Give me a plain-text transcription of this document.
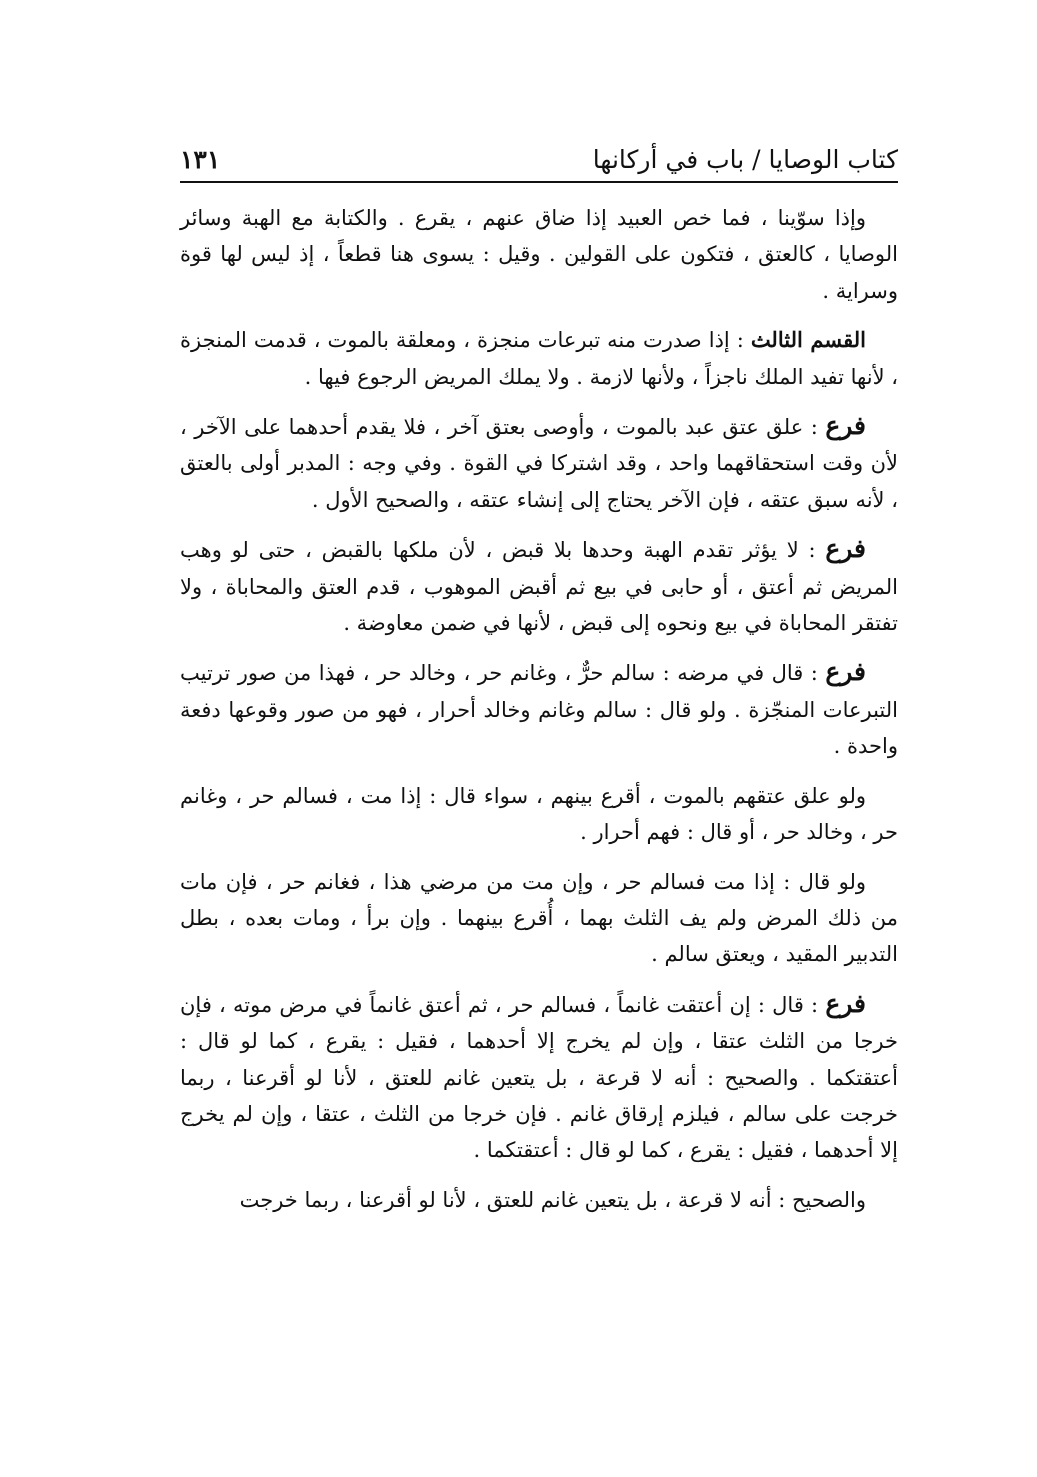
كتاب الوصايا / باب في أركانها
١٣١

وإذا سوّينا ، فما خص العبيد إذا ضاق عنهم ، يقرع . والكتابة مع الهبة وسائر الوصايا ، كالعتق ، فتكون على القولين . وقيل : يسوى هنا قطعاً ، إذ ليس لها قوة وسراية .

القسم الثالث : إذا صدرت منه تبرعات منجزة ، ومعلقة بالموت ، قدمت المنجزة ، لأنها تفيد الملك ناجزاً ، ولأنها لازمة . ولا يملك المريض الرجوع فيها .

فرع : علق عتق عبد بالموت ، وأوصى بعتق آخر ، فلا يقدم أحدهما على الآخر ، لأن وقت استحقاقهما واحد ، وقد اشتركا في القوة . وفي وجه : المدبر أولى بالعتق ، لأنه سبق عتقه ، فإن الآخر يحتاج إلى إنشاء عتقه ، والصحيح الأول .

فرع : لا يؤثر تقدم الهبة وحدها بلا قبض ، لأن ملكها بالقبض ، حتى لو وهب المريض ثم أعتق ، أو حابى في بيع ثم أقبض الموهوب ، قدم العتق والمحاباة ، ولا تفتقر المحاباة في بيع ونحوه إلى قبض ، لأنها في ضمن معاوضة .

فرع : قال في مرضه : سالم حرٌّ ، وغانم حر ، وخالد حر ، فهذا من صور ترتيب التبرعات المنجّزة . ولو قال : سالم وغانم وخالد أحرار ، فهو من صور وقوعها دفعة واحدة .

ولو علق عتقهم بالموت ، أقرع بينهم ، سواء قال : إذا مت ، فسالم حر ، وغانم حر ، وخالد حر ، أو قال : فهم أحرار .

ولو قال : إذا مت فسالم حر ، وإن مت من مرضي هذا ، فغانم حر ، فإن مات من ذلك المرض ولم يف الثلث بهما ، أُقرع بينهما . وإن برأ ، ومات بعده ، بطل التدبير المقيد ، ويعتق سالم .

فرع : قال : إن أعتقت غانماً ، فسالم حر ، ثم أعتق غانماً في مرض موته ، فإن خرجا من الثلث عتقا ، وإن لم يخرج إلا أحدهما ، فقيل : يقرع ، كما لو قال : أعتقتكما . والصحيح : أنه لا قرعة ، بل يتعين غانم للعتق ، لأنا لو أقرعنا ، ربما خرجت على سالم ، فيلزم إرقاق غانم . فإن خرجا من الثلث ، عتقا ، وإن لم يخرج إلا أحدهما ، فقيل : يقرع ، كما لو قال : أعتقتكما .

والصحيح : أنه لا قرعة ، بل يتعين غانم للعتق ، لأنا لو أقرعنا ، ربما خرجت
